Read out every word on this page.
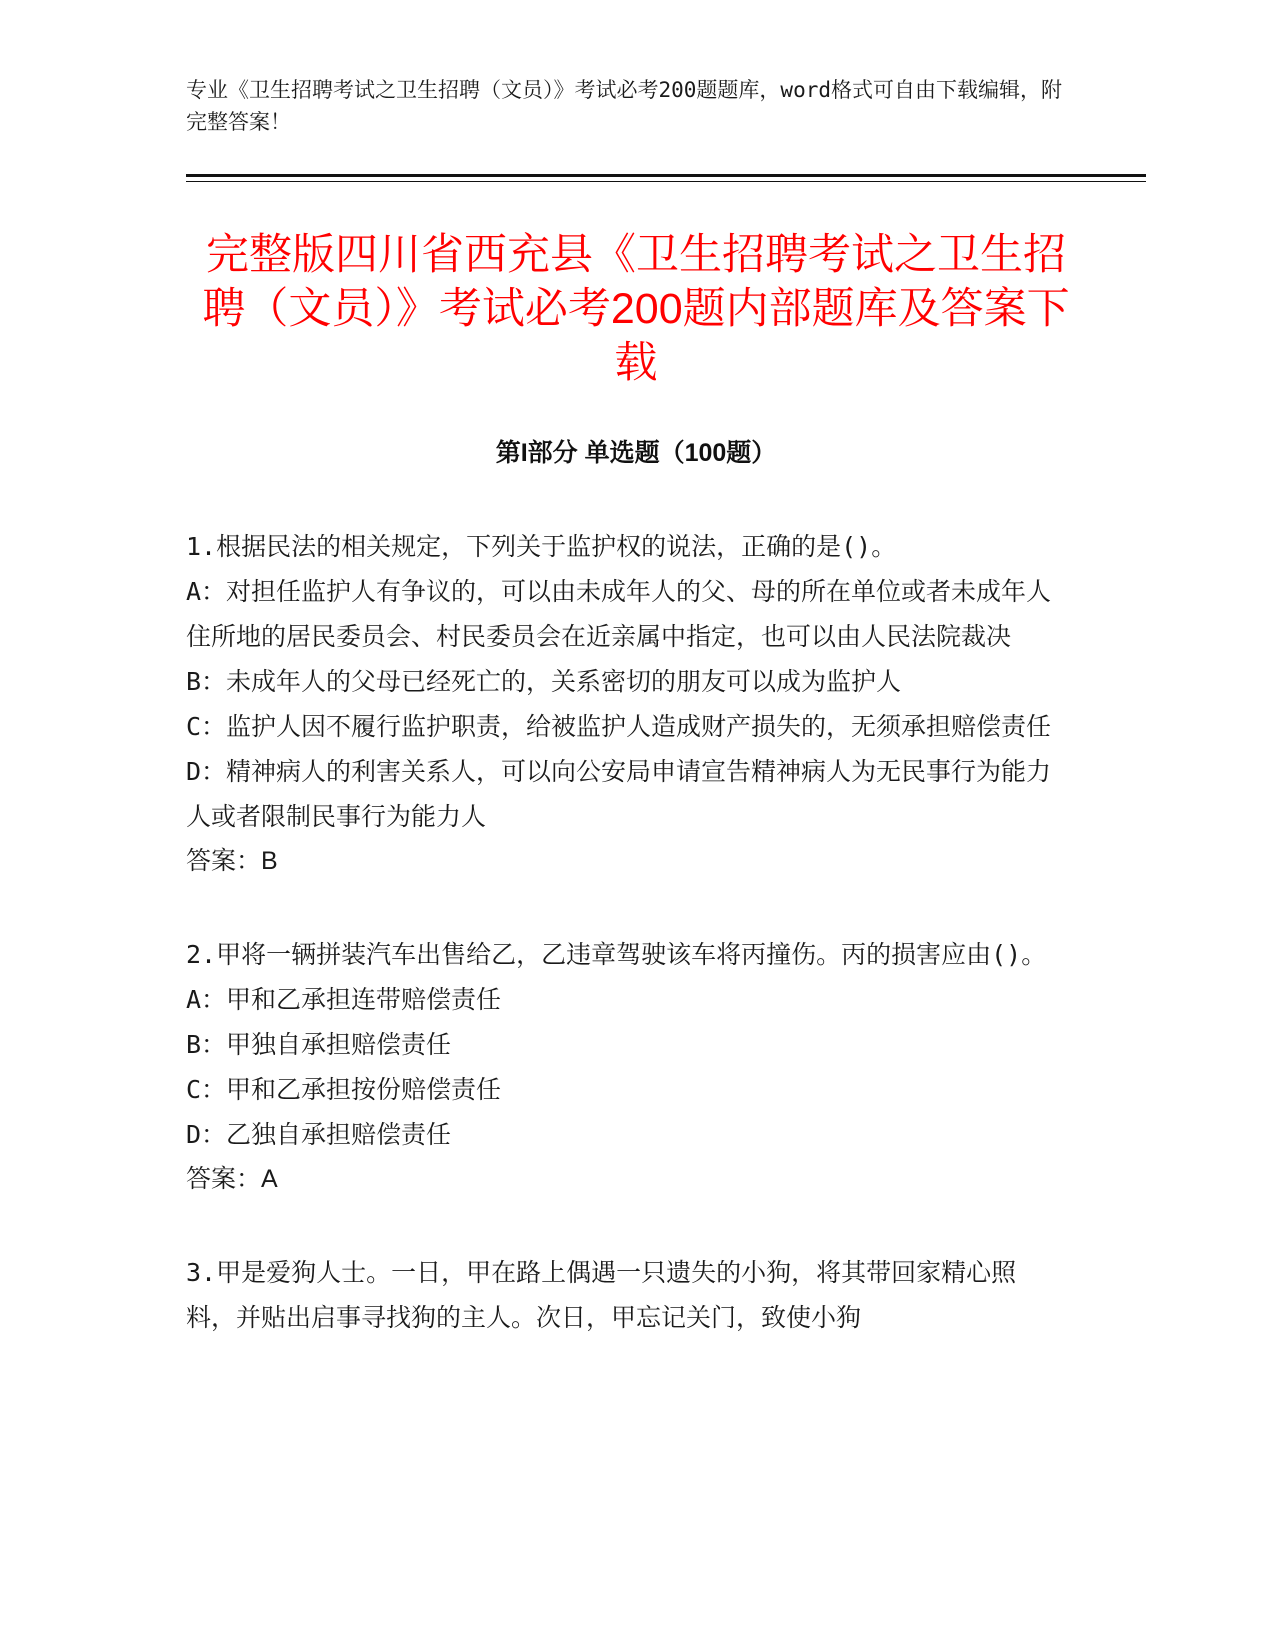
专业《卫生招聘考试之卫生招聘（文员）》考试必考200题题库，word格式可自由下载编辑，附完整答案！
完整版四川省西充县《卫生招聘考试之卫生招聘（文员）》考试必考200题内部题库及答案下载
第I部分 单选题（100题）

1.根据民法的相关规定，下列关于监护权的说法，正确的是()。

A：对担任监护人有争议的，可以由未成年人的父、母的所在单位或者未成年人住所地的居民委员会、村民委员会在近亲属中指定，也可以由人民法院裁决

B：未成年人的父母已经死亡的，关系密切的朋友可以成为监护人

C：监护人因不履行监护职责，给被监护人造成财产损失的，无须承担赔偿责任

D：精神病人的利害关系人，可以向公安局申请宣告精神病人为无民事行为能力人或者限制民事行为能力人

答案：B

2.甲将一辆拼装汽车出售给乙，乙违章驾驶该车将丙撞伤。丙的损害应由()。

A：甲和乙承担连带赔偿责任

B：甲独自承担赔偿责任

C：甲和乙承担按份赔偿责任

D：乙独自承担赔偿责任

答案：A

3.甲是爱狗人士。一日，甲在路上偶遇一只遗失的小狗，将其带回家精心照料，并贴出启事寻找狗的主人。次日，甲忘记关门，致使小狗
